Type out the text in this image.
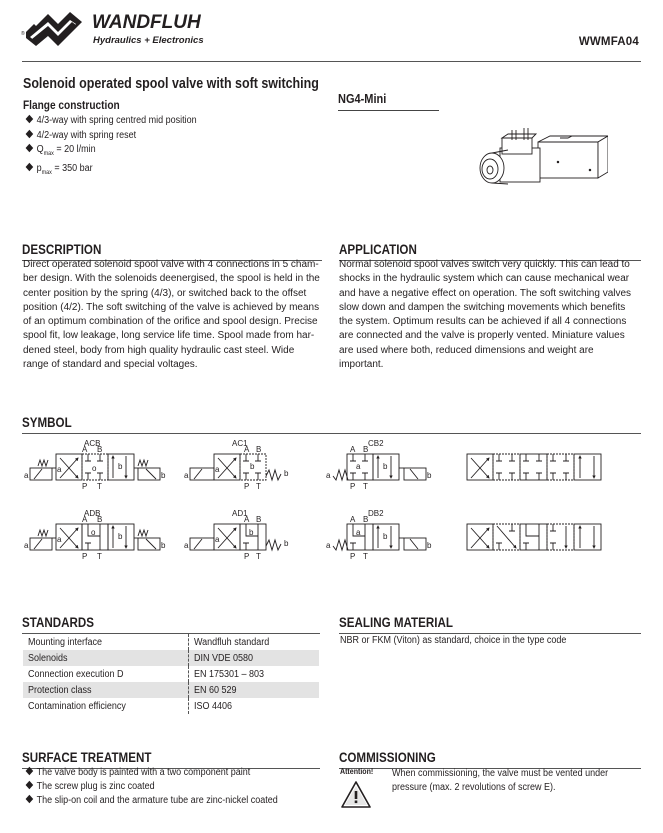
®
WANDFLUH
Hydraulics + Electronics	WWMFA04
Solenoid operated spool valve with soft switching
Flange construction
4/3-way with spring centred mid position
4/2-way with spring reset
$Q_{max} = 20$ l/min
$p_{max} = 350$ bar
NG4-Mini
DESCRIPTION
Direct operated solenoid spool valve with 4 connections in 5 cham-
ber design. With the solenoids deenergised, the spool is held in the
center position by the spring (4/3), or switched back to the offset
position (4/2). The soft switching of the valve is achieved by means
of an optimum combination of the orifice and spool design. Precise
spool fit, low leakage, long service life time. Spool made from har-
dened steel, body from high quality hydraulic cast steel. Wide
range of standard and special voltages.
APPLICATION
Normal solenoid spool valves switch very quickly. This can lead to
shocks in the hydraulic system which can cause mechanical wear
and have a negative effect on operation. The soft switching valves
slow down and dampen the switching movements which benefits
the system. Optimum results can be achieved if all 4 connections
are connected and the valve is properly vented. Miniature values
are used where both, reduced dimensions and weight are
important.
SYMBOL
ACB
A B
P T
a	o	b
a	b
AC1
A B
P T
a	b
a	b
CB2
A B
P T
a	b
a	b
ADB
A B
P T
a
o	b
a	b
AD1
A B
P T
a
b
a	b
DB2
A B
P T
a	b
a	b
STANDARDS
Mounting interface	Wandfluh standard
Solenoids	DIN VDE 0580
Connection execution D	EN 175301 – 803
Protection class	EN 60 529
Contamination efficiency	ISO 4406
SEALING MATERIAL
NBR or FKM (Viton) as standard, choice in the type code
SURFACE TREATMENT
The valve body is painted with a two component paint
The screw plug is zinc coated
The slip-on coil and the armature tube are zinc-nickel coated
COMMISSIONING
Attention! When commissioning, the valve must be vented under
pressure (max. 2 revolutions of screw E).
